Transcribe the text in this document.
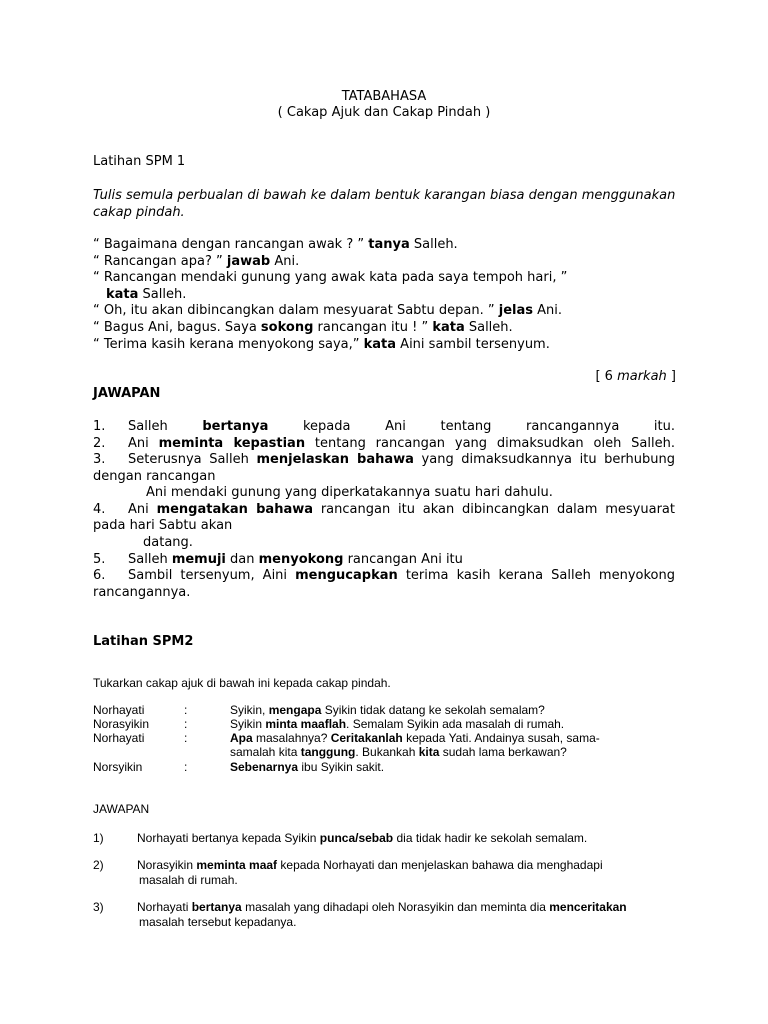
TATABAHASA
( Cakap Ajuk dan Cakap Pindah )
Latihan SPM 1
Tulis semula perbualan di bawah ke dalam bentuk karangan biasa dengan menggunakan
cakap pindah.
“ Bagaimana dengan rancangan awak ? ” tanya Salleh.
“ Rancangan apa? ” jawab Ani.
“ Rancangan mendaki gunung yang awak kata pada saya tempoh hari, ”
kata Salleh.
“ Oh, itu akan dibincangkan dalam mesyuarat Sabtu depan. ” jelas Ani.
“ Bagus Ani, bagus. Saya sokong rancangan itu ! ” kata Salleh.
“ Terima kasih kerana menyokong saya,” kata Aini sambil tersenyum.
[ 6 markah ]
JAWAPAN
1. Salleh bertanya kepada Ani tentang rancangannya itu.
2. Ani meminta kepastian tentang rancangan yang dimaksudkan oleh Salleh.
3. Seterusnya Salleh menjelaskan bahawa yang dimaksudkannya itu berhubung
dengan rancangan
Ani mendaki gunung yang diperkatakannya suatu hari dahulu.
4. Ani mengatakan bahawa rancangan itu akan dibincangkan dalam mesyuarat
pada hari Sabtu akan
datang.
5. Salleh memuji dan menyokong rancangan Ani itu
6. Sambil tersenyum, Aini mengucapkan terima kasih kerana Salleh menyokong
rancangannya.
Latihan SPM2
Tukarkan cakap ajuk di bawah ini kepada cakap pindah.
Norhayati	:	Syikin, mengapa Syikin tidak datang ke sekolah semalam?
Norasyikin	:	Syikin minta maaflah. Semalam Syikin ada masalah di rumah.
Norhayati	:	Apa masalahnya? Ceritakanlah kepada Yati. Andainya susah, sama-
samalah kita tanggung. Bukankah kita sudah lama berkawan?
Norsyikin	:	Sebenarnya ibu Syikin sakit.
JAWAPAN
1)	Norhayati bertanya kepada Syikin punca/sebab dia tidak hadir ke sekolah semalam.
2)	Norasyikin meminta maaf kepada Norhayati dan menjelaskan bahawa dia menghadapi
masalah di rumah.
3)	Norhayati bertanya masalah yang dihadapi oleh Norasyikin dan meminta dia menceritakan
masalah tersebut kepadanya.
